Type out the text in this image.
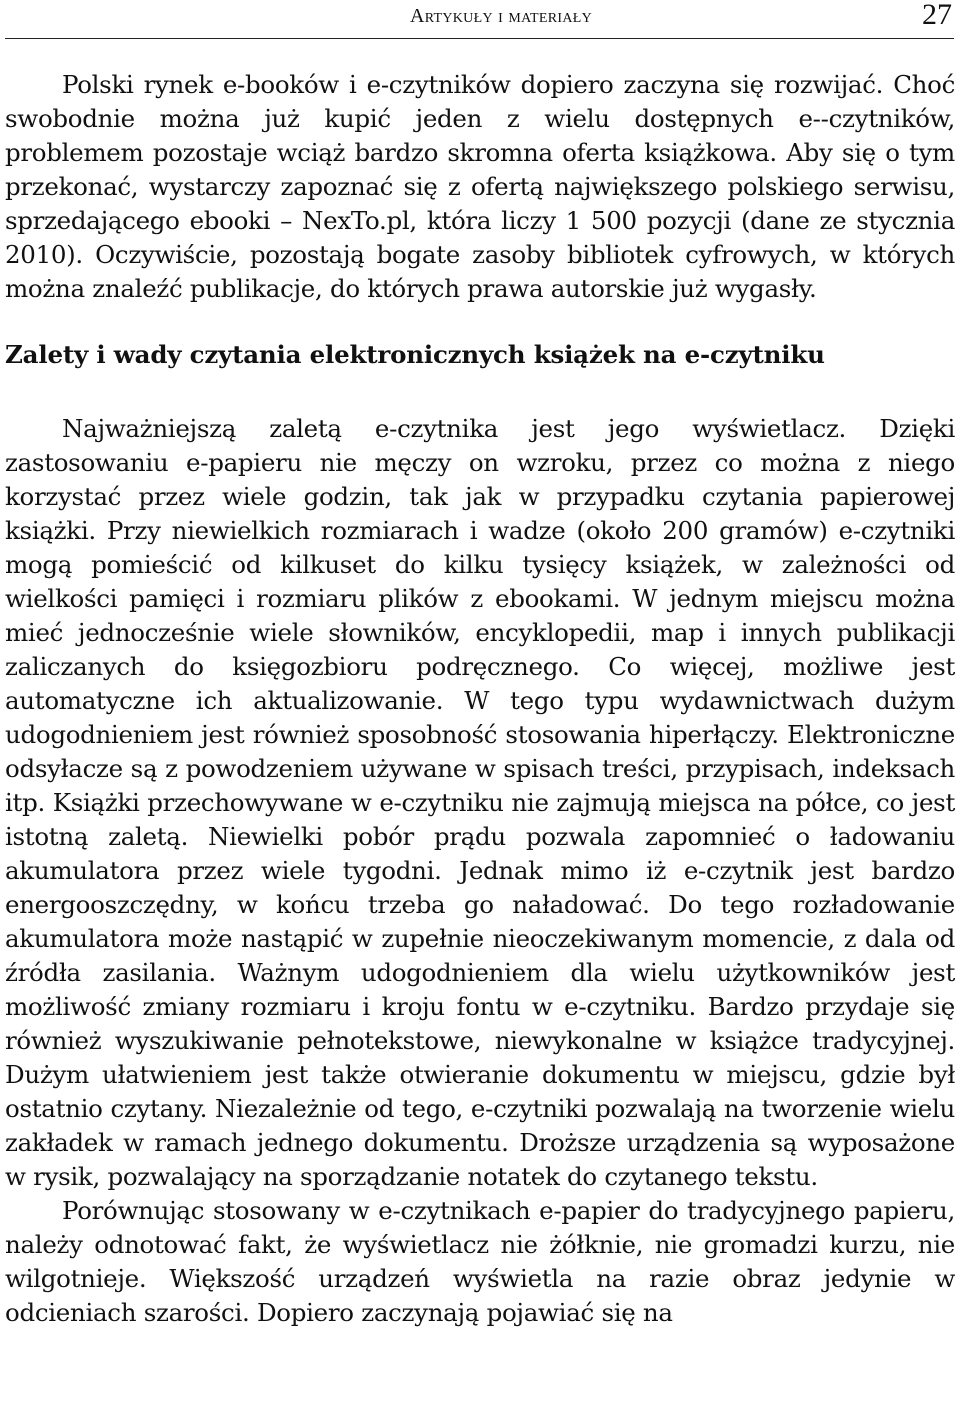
Artykuły i materiały	27

Polski rynek e-booków i e-czytników dopiero zaczyna się rozwijać. Choć swobodnie można już kupić jeden z wielu dostępnych e--czytników, problemem pozostaje wciąż bardzo skromna oferta książkowa. Aby się o tym przekonać, wystarczy zapoznać się z ofertą największego polskiego serwisu, sprzedającego ebooki – NexTo.pl, która liczy 1 500 pozycji (dane ze stycznia 2010). Oczywiście, pozostają bogate zasoby bibliotek cyfrowych, w których można znaleźć publikacje, do których prawa autorskie już wygasły.

Zalety i wady czytania elektronicznych książek na e-czytniku

Najważniejszą zaletą e-czytnika jest jego wyświetlacz. Dzięki zastosowaniu e-papieru nie męczy on wzroku, przez co można z niego korzystać przez wiele godzin, tak jak w przypadku czytania papierowej książki. Przy niewielkich rozmiarach i wadze (około 200 gramów) e-czytniki mogą pomieścić od kilkuset do kilku tysięcy książek, w zależności od wielkości pamięci i rozmiaru plików z ebookami. W jednym miejscu można mieć jednocześnie wiele słowników, encyklopedii, map i innych publikacji zaliczanych do księgozbioru podręcznego. Co więcej, możliwe jest automatyczne ich aktualizowanie. W tego typu wydawnictwach dużym udogodnieniem jest również sposobność stosowania hiperłączy. Elektroniczne odsyłacze są z powodzeniem używane w spisach treści, przypisach, indeksach itp. Książki przechowywane w e-czytniku nie zajmują miejsca na półce, co jest istotną zaletą. Niewielki pobór prądu pozwala zapomnieć o ładowaniu akumulatora przez wiele tygodni. Jednak mimo iż e-czytnik jest bardzo energooszczędny, w końcu trzeba go naładować. Do tego rozładowanie akumulatora może nastąpić w zupełnie nieoczekiwanym momencie, z dala od źródła zasilania. Ważnym udogodnieniem dla wielu użytkowników jest możliwość zmiany rozmiaru i kroju fontu w e-czytniku. Bardzo przydaje się również wyszukiwanie pełnotekstowe, niewykonalne w książce tradycyjnej. Dużym ułatwieniem jest także otwieranie dokumentu w miejscu, gdzie był ostatnio czytany. Niezależnie od tego, e-czytniki pozwalają na tworzenie wielu zakładek w ramach jednego dokumentu. Droższe urządzenia są wyposażone w rysik, pozwalający na sporządzanie notatek do czytanego tekstu.

Porównując stosowany w e-czytnikach e-papier do tradycyjnego papieru, należy odnotować fakt, że wyświetlacz nie żółknie, nie gromadzi kurzu, nie wilgotnieje. Większość urządzeń wyświetla na razie obraz jedynie w odcieniach szarości. Dopiero zaczynają pojawiać się na
